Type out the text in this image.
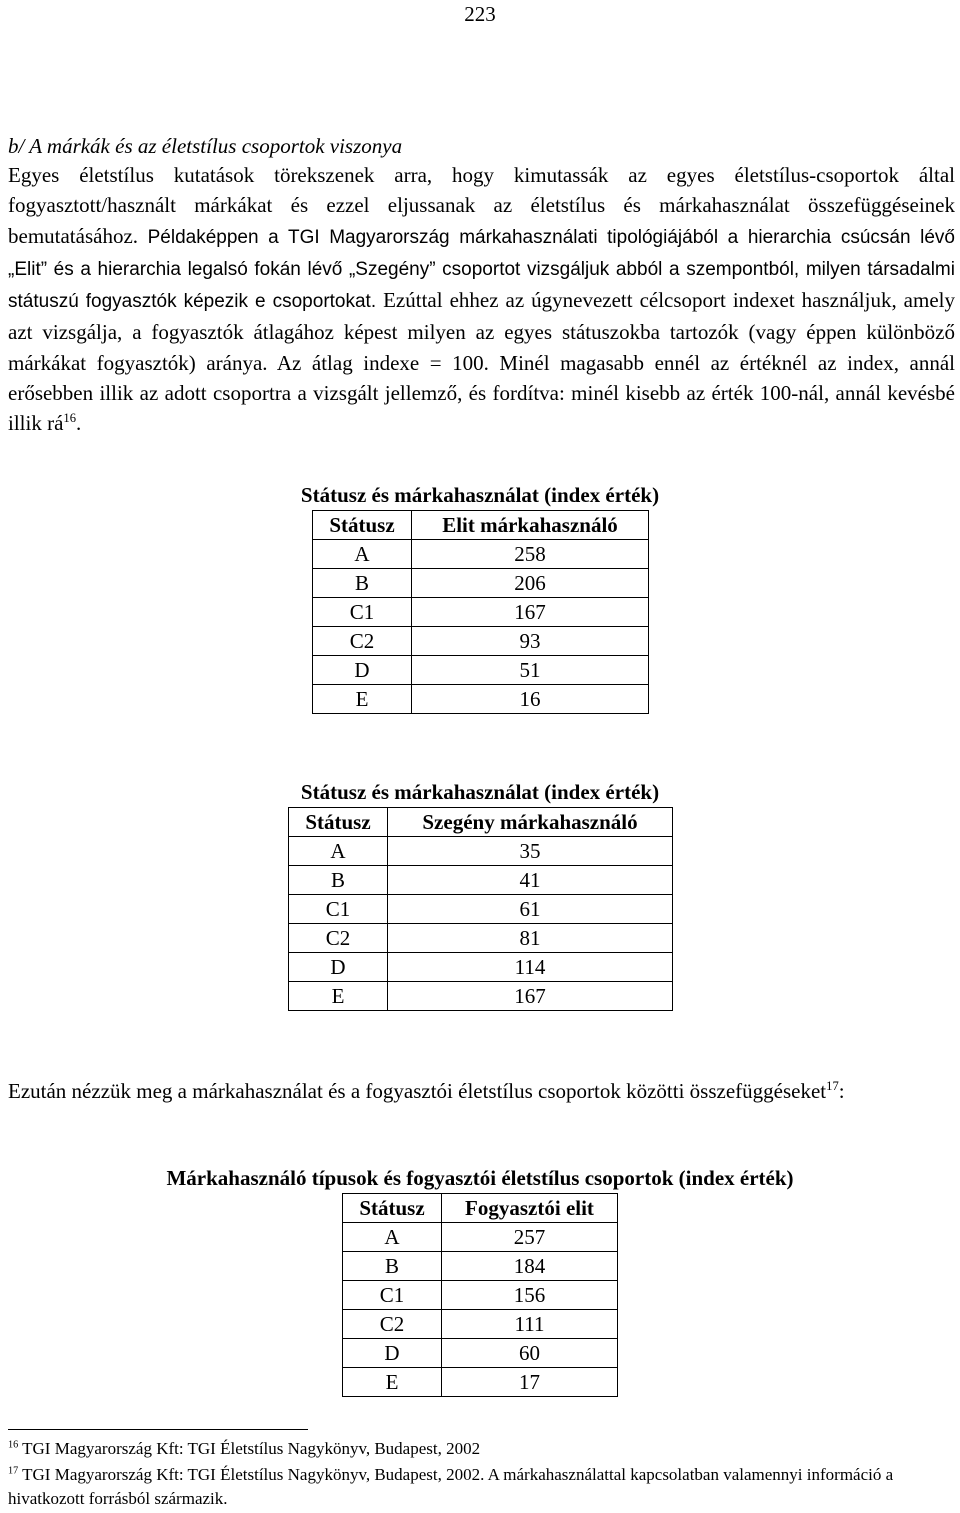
223
b/ A márkák és az életstílus csoportok viszonya
Egyes életstílus kutatások törekszenek arra, hogy kimutassák az egyes életstílus-csoportok által fogyasztott/használt márkákat és ezzel eljussanak az életstílus és márkahasználat összefüggéseinek bemutatásához. Példaképpen a TGI Magyarország márkahasználati tipológiájából a hierarchia csúcsán lévő „Elit” és a hierarchia legalsó fokán lévő „Szegény” csoportot vizsgáljuk abból a szempontból, milyen társadalmi státuszú fogyasztók képezik e csoportokat. Ezúttal ehhez az úgynevezett célcsoport indexet használjuk, amely azt vizsgálja, a fogyasztók átlagához képest milyen az egyes státuszokba tartozók (vagy éppen különböző márkákat fogyasztók) aránya. Az átlag indexe = 100. Minél magasabb ennél az értéknél az index, annál erősebben illik az adott csoportra a vizsgált jellemző, és fordítva: minél kisebb az érték 100-nál, annál kevésbé illik $rá^{16}$.
Státusz és márkahasználat (index érték)
Státusz	Elit márkahasználó
A	258
B	206
C1	167
C2	93
D	51
E	16
Státusz és márkahasználat (index érték)
Státusz	Szegény márkahasználó
A	35
B	41
C1	61
C2	81
D	114
E	167
Ezután nézzük meg a márkahasználat és a fogyasztói életstílus csoportok közötti összefüggéseket$^{17}$:
Márkahasználó típusok és fogyasztói életstílus csoportok (index érték)
Státusz	Fogyasztói elit
A	257
B	184
C1	156
C2	111
D	60
E	17
$^{16}$ TGI Magyarország Kft: TGI Életstílus Nagykönyv, Budapest, 2002
$^{17}$ TGI Magyarország Kft: TGI Életstílus Nagykönyv, Budapest, 2002. A márkahasználattal kapcsolatban valamennyi információ a hivatkozott forrásból származik.
